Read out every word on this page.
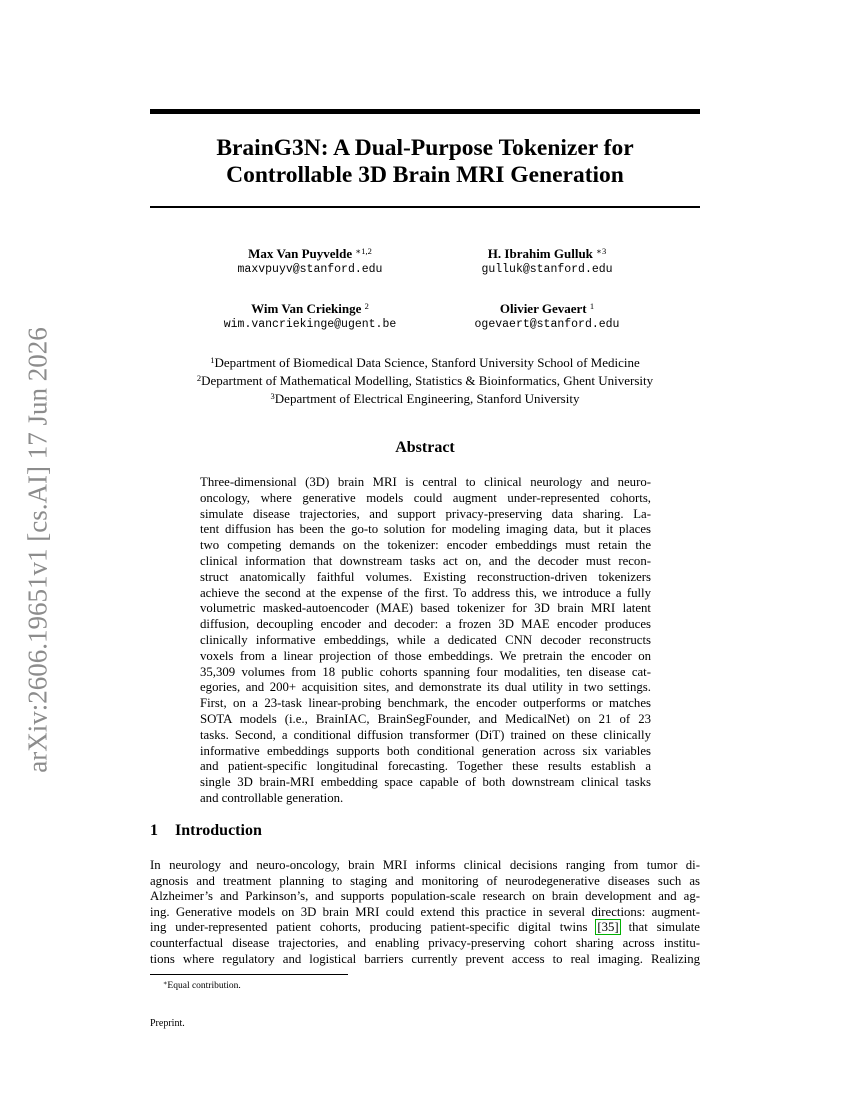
arXiv:2606.19651v1 [cs.AI] 17 Jun 2026
BrainG3N: A Dual-Purpose Tokenizer for
Controllable 3D Brain MRI Generation
Max Van Puyvelde $^{∗1,2}$
maxvpuyv@stanford.edu
H. Ibrahim Gulluk $^{∗3}$
gulluk@stanford.edu
Wim Van Criekinge $^2$
wim.vancriekinge@ugent.be
Olivier Gevaert $^1$
ogevaert@stanford.edu
$^1$Department of Biomedical Data Science, Stanford University School of Medicine
$^2$Department of Mathematical Modelling, Statistics & Bioinformatics, Ghent University
$^3$Department of Electrical Engineering, Stanford University
Abstract
Three-dimensional (3D) brain MRI is central to clinical neurology and neuro-
oncology, where generative models could augment under-represented cohorts,
simulate disease trajectories, and support privacy-preserving data sharing. La-
tent diffusion has been the go-to solution for modeling imaging data, but it places
two competing demands on the tokenizer: encoder embeddings must retain the
clinical information that downstream tasks act on, and the decoder must recon-
struct anatomically faithful volumes. Existing reconstruction-driven tokenizers
achieve the second at the expense of the first. To address this, we introduce a fully
volumetric masked-autoencoder (MAE) based tokenizer for 3D brain MRI latent
diffusion, decoupling encoder and decoder: a frozen 3D MAE encoder produces
clinically informative embeddings, while a dedicated CNN decoder reconstructs
voxels from a linear projection of those embeddings. We pretrain the encoder on
35,309 volumes from 18 public cohorts spanning four modalities, ten disease cat-
egories, and 200+ acquisition sites, and demonstrate its dual utility in two settings.
First, on a 23-task linear-probing benchmark, the encoder outperforms or matches
SOTA models (i.e., BrainIAC, BrainSegFounder, and MedicalNet) on 21 of 23
tasks. Second, a conditional diffusion transformer (DiT) trained on these clinically
informative embeddings supports both conditional generation across six variables
and patient-specific longitudinal forecasting. Together these results establish a
single 3D brain-MRI embedding space capable of both downstream clinical tasks
and controllable generation.
1 Introduction
In neurology and neuro-oncology, brain MRI informs clinical decisions ranging from tumor di-
agnosis and treatment planning to staging and monitoring of neurodegenerative diseases such as
Alzheimer’s and Parkinson’s, and supports population-scale research on brain development and ag-
ing. Generative models on 3D brain MRI could extend this practice in several directions: augment-
ing under-represented patient cohorts, producing patient-specific digital twins [35] that simulate
counterfactual disease trajectories, and enabling privacy-preserving cohort sharing across institu-
tions where regulatory and logistical barriers currently prevent access to real imaging. Realizing
∗Equal contribution.
Preprint.
